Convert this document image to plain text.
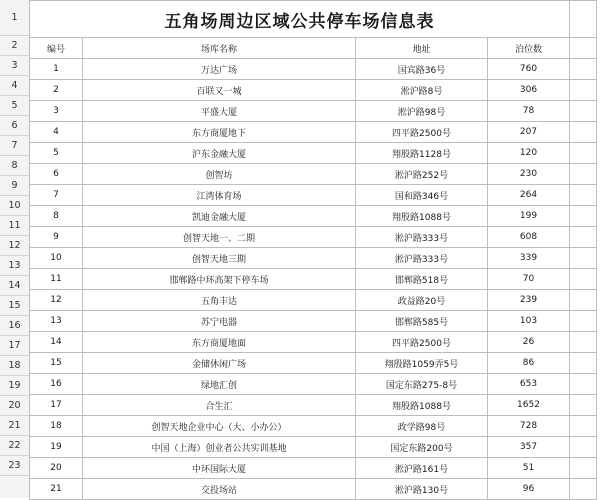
1
2
3
4
5
6
7
8
9
10
11
12
13
14
15
16
17
18
19
20
21
22
23
五角场周边区域公共停车场信息表				
编号	场库名称	地址	泊位数	
1	万达广场	国宾路36号	760	
2	百联又一城	淞沪路8号	306	
3	平盛大厦	淞沪路98号	78	
4	东方商厦地下	四平路2500号	207	
5	沪东金融大厦	翔殷路1128号	120	
6	创智坊	淞沪路252号	230	
7	江湾体育场	国和路346号	264	
8	凯迪金融大厦	翔殷路1088号	199	
9	创智天地一、二期	淞沪路333号	608	
10	创智天地三期	淞沪路333号	339	
11	邯郸路中环高架下停车场	邯郸路518号	70	
12	五角丰达	政益路20号	239	
13	苏宁电器	邯郸路585号	103	
14	东方商厦地面	四平路2500号	26	
15	金储休闲广场	翔殷路1059弄5号	86	
16	绿地汇创	国定东路275-8号	653	
17	合生汇	翔殷路1088号	1652	
18	创智天地企业中心（大、小办公）	政学路98号	728	
19	中国（上海）创业者公共实训基地	国定东路200号	357	
20	中环国际大厦	淞沪路161号	51	
21	交投场站	淞沪路130号	96	
